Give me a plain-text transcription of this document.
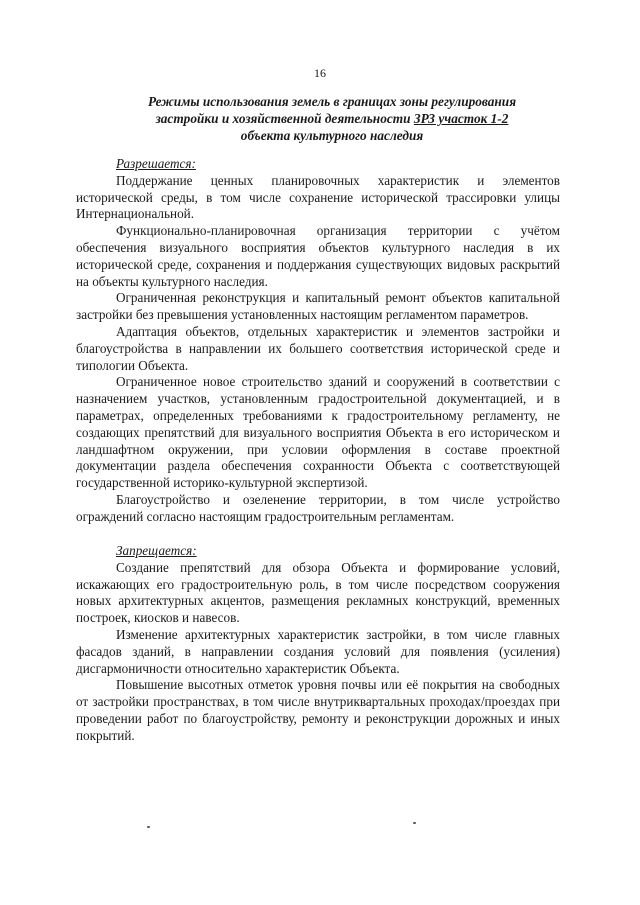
16
Режимы использования земель в границах зоны регулирования
застройки и хозяйственной деятельности ЗРЗ участок 1-2
объекта культурного наследия

Разрешается:

Поддержание ценных планировочных характеристик и элементов исторической среды, в том числе сохранение исторической трассировки улицы Интернациональной.

Функционально-планировочная организация территории с учётом обеспечения визуального восприятия объектов культурного наследия в их исторической среде, сохранения и поддержания существующих видовых раскрытий на объекты культурного наследия.

Ограниченная реконструкция и капитальный ремонт объектов капитальной застройки без превышения установленных настоящим регламентом параметров.

Адаптация объектов, отдельных характеристик и элементов застройки и благоустройства в направлении их большего соответствия исторической среде и типологии Объекта.

Ограниченное новое строительство зданий и сооружений в соответствии с назначением участков, установленным градостроительной документацией, и в параметрах, определенных требованиями к градостроительному регламенту, не создающих препятствий для визуального восприятия Объекта в его историческом и ландшафтном окружении, при условии оформления в составе проектной документации раздела обеспечения сохранности Объекта с соответствующей государственной историко-культурной экспертизой.

Благоустройство и озеленение территории, в том числе устройство ограждений согласно настоящим градостроительным регламентам.

Запрещается:

Создание препятствий для обзора Объекта и формирование условий, искажающих его градостроительную роль, в том числе посредством сооружения новых архитектурных акцентов, размещения рекламных конструкций, временных построек, киосков и навесов.

Изменение архитектурных характеристик застройки, в том числе главных фасадов зданий, в направлении создания условий для появления (усиления) дисгармоничности относительно характеристик Объекта.

Повышение высотных отметок уровня почвы или её покрытия на свободных от застройки пространствах, в том числе внутриквартальных проходах/проездах при проведении работ по благоустройству, ремонту и реконструкции дорожных и иных покрытий.
